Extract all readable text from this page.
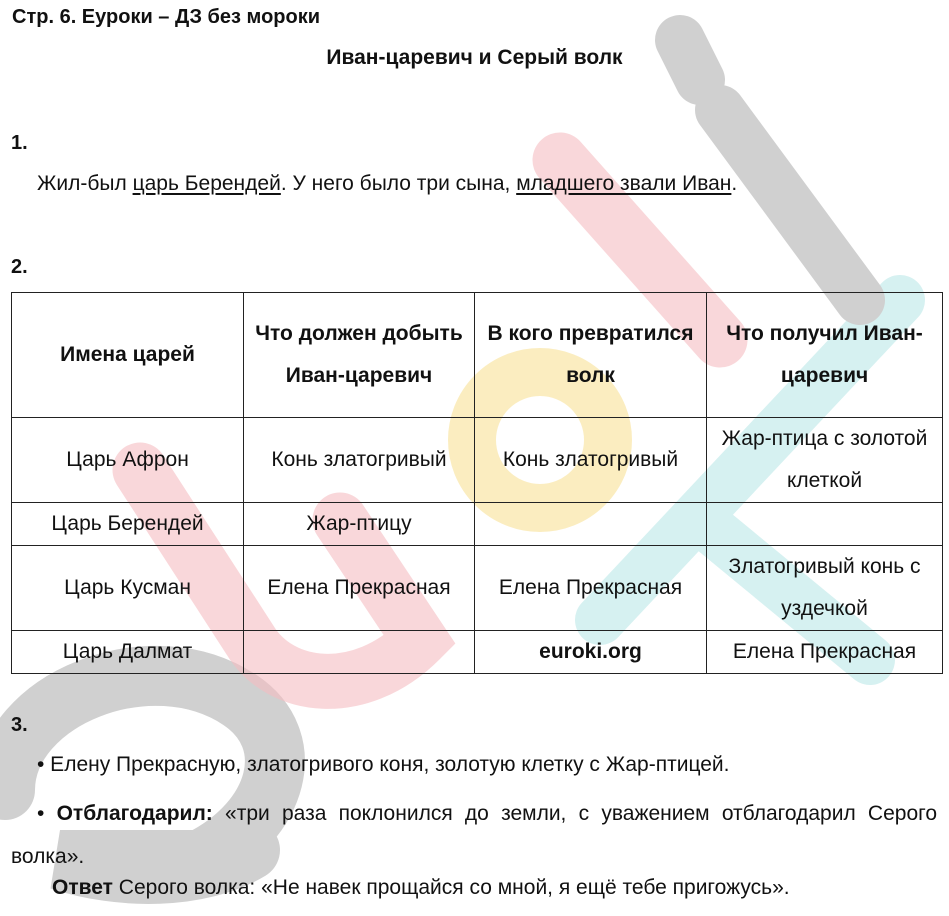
Стр. 6. Еуроки – ДЗ без мороки
Иван-царевич и Серый волк
1.
Жил-был царь Берендей. У него было три сына, младшего звали Иван.
2.
Имена царей	Что должен добыть Иван-царевич	В кого превратился волк	Что получил Иван-царевич
Царь Афрон	Конь златогривый	Конь златогривый	Жар-птица с золотой клеткой
Царь Берендей	Жар-птицу		
Царь Кусман	Елена Прекрасная	Елена Прекрасная	Златогривый конь с уздечкой
Царь Далмат		euroki.org	Елена Прекрасная
3.
• Елену Прекрасную, златогривого коня, золотую клетку с Жар-птицей.
• Отблагодарил: «три раза поклонился до земли, с уважением отблагодарил Серого волка».
Ответ Серого волка: «Не навек прощайся со мной, я ещё тебе пригожусь».
